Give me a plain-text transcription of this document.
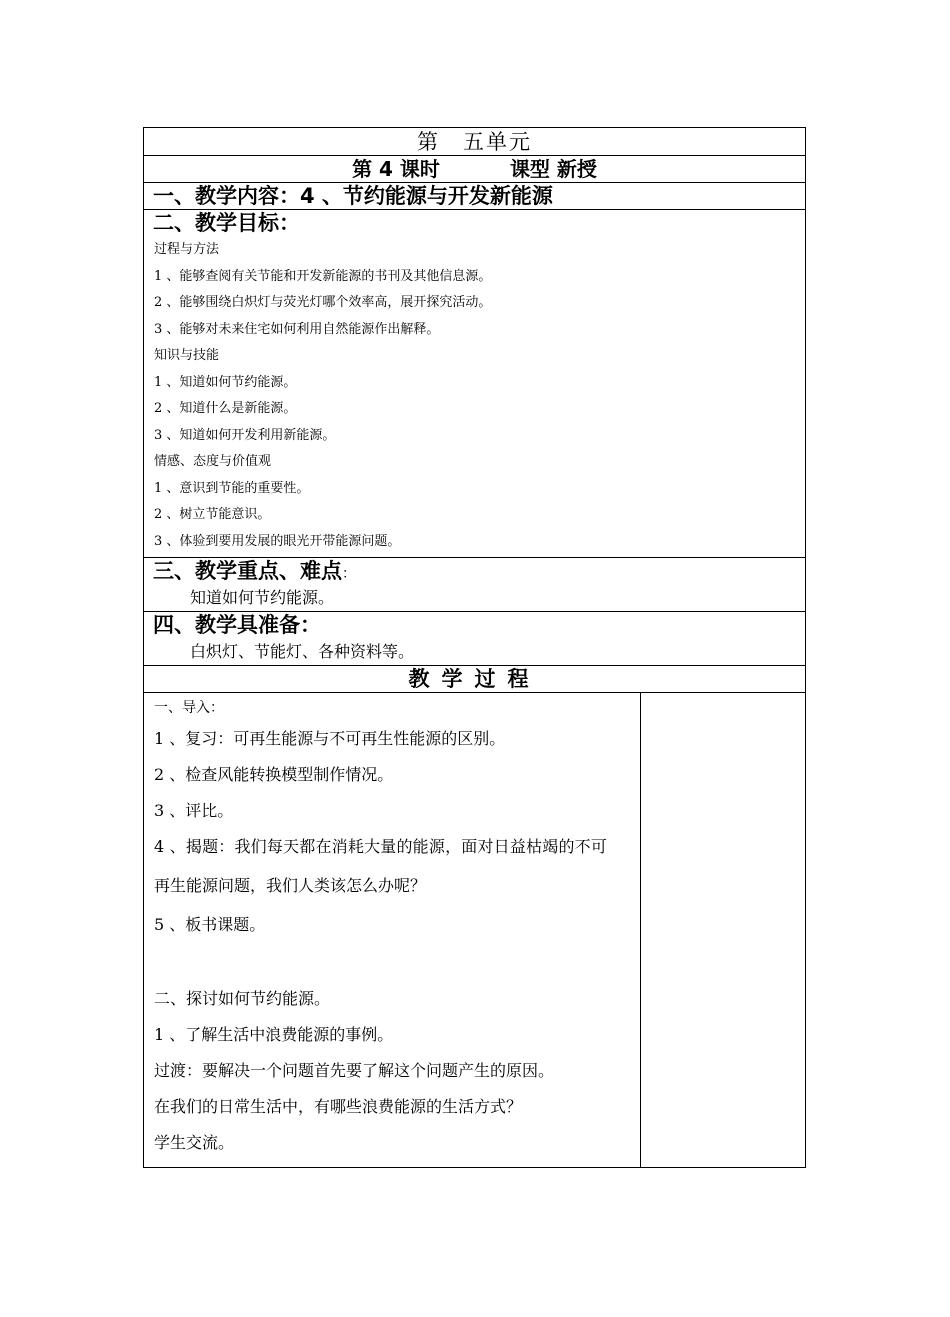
第　五单元
第 4 课时	课型 新授
一、教学内容：4 、节约能源与开发新能源
二、教学目标：
过程与方法
1 、能够查阅有关节能和开发新能源的书刊及其他信息源。
2 、能够围绕白炽灯与荧光灯哪个效率高，展开探究活动。
3 、能够对未来住宅如何利用自然能源作出解释。
知识与技能
1 、知道如何节约能源。
2 、知道什么是新能源。
3 、知道如何开发利用新能源。
情感、态度与价值观
1 、意识到节能的重要性。
2 、树立节能意识。
3 、体验到要用发展的眼光开带能源问题。
三、教学重点、难点：
知道如何节约能源。
四、教学具准备：
白炽灯、节能灯、各种资料等。
教学过程
一、导入：
1 、复习：可再生能源与不可再生性能源的区别。
2 、检查风能转换模型制作情况。
3 、评比。
4 、揭题：我们每天都在消耗大量的能源，面对日益枯竭的不可
再生能源问题，我们人类该怎么办呢？
5 、板书课题。
二、探讨如何节约能源。
1 、了解生活中浪费能源的事例。
过渡：要解决一个问题首先要了解这个问题产生的原因。
在我们的日常生活中，有哪些浪费能源的生活方式？
学生交流。
